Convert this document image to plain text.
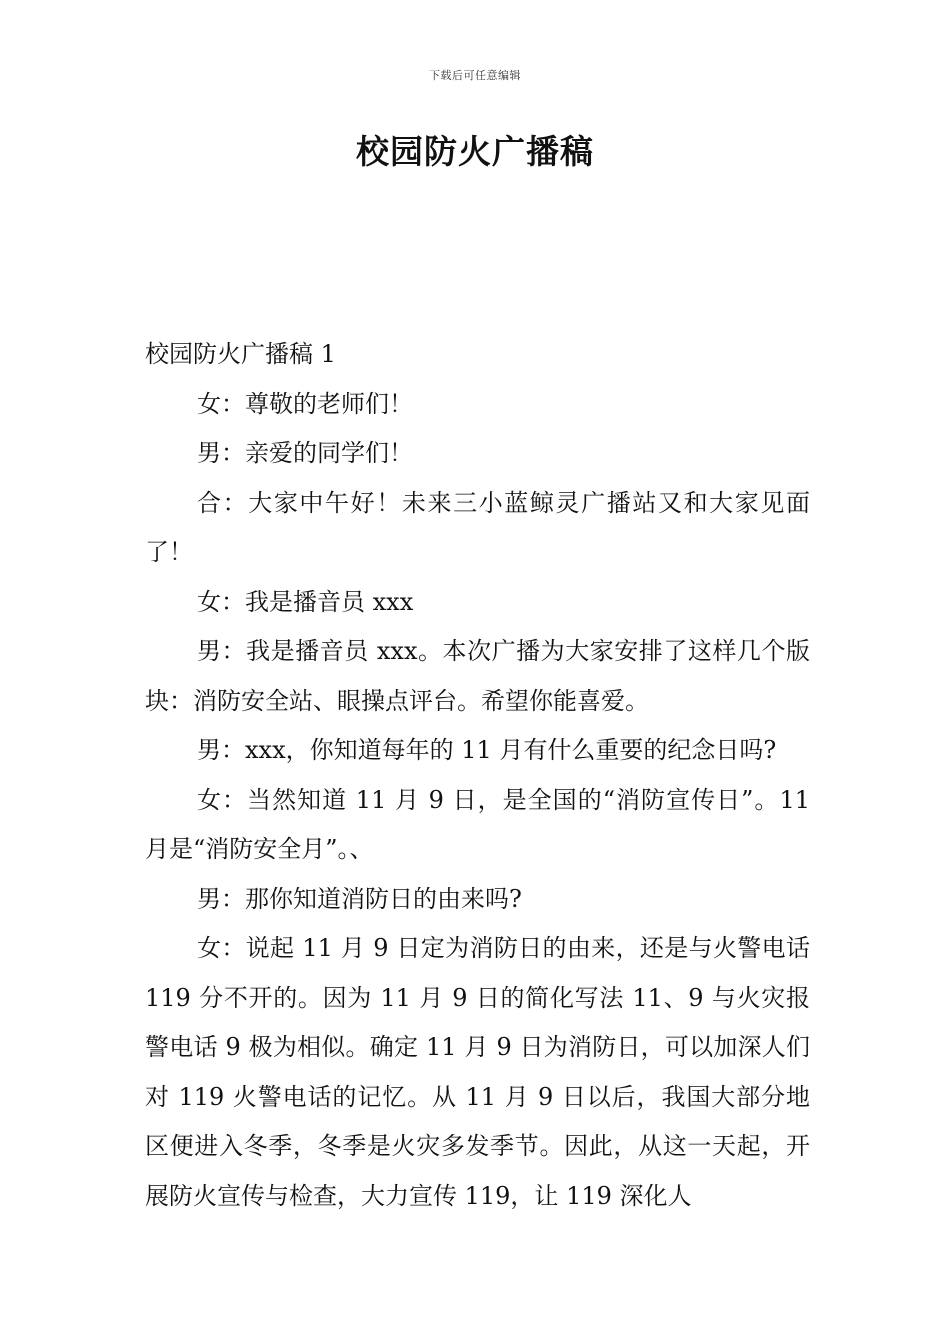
下载后可任意编辑
校园防火广播稿

校园防火广播稿 1

女：尊敬的老师们！

男：亲爱的同学们！

合：大家中午好！未来三小蓝鲸灵广播站又和大家见面了！

女：我是播音员 xxx

男：我是播音员 xxx。本次广播为大家安排了这样几个版块：消防安全站、眼操点评台。希望你能喜爱。

男：xxx，你知道每年的 11 月有什么重要的纪念日吗?

女：当然知道 11 月 9 日，是全国的“消防宣传日”。11 月是“消防安全月”。、

男：那你知道消防日的由来吗?

女：说起 11 月 9 日定为消防日的由来，还是与火警电话 119 分不开的。因为 11 月 9 日的简化写法 11、9 与火灾报警电话 9 极为相似。确定 11 月 9 日为消防日，可以加深人们对 119 火警电话的记忆。从 11 月 9 日以后，我国大部分地区便进入冬季，冬季是火灾多发季节。因此，从这一天起，开展防火宣传与检查，大力宣传 119，让 119 深化人
